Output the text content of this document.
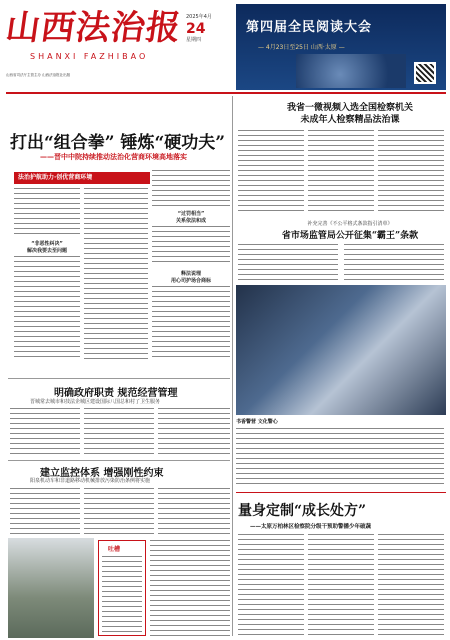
山西法治报
SHANXI FAZHIBAO
山西省司法厅主管主办 山西法治报社出版
2025年4月
24
星期四
第四届全民阅读大会
— 4月23日至25日 山西·太原 —
打出“组合拳” 锤炼“硬功夫”
——晋中中院持续推动法治化营商环境高地落实
法治护航助力·创优营商环境
“非恶性纠决”
解决我要去至问题
“过罚相当”
关系依法和成
释法说理
用心司护场合商标
我省一微视频入选全国检察机关
未成年人检察精品法治课
补充完善《不公平格式条款指引清单》
省市场监管局公开征集“霸王”条款
书香警营 文化警心
明确政府职责 规范经营管理
晋城常去城市和技法企城区建设国际八国总和村了卫生服务
建立监控体系 增强刚性约束
阳泉机动车和非道路移动机械排放污染防治条例将实施
吐槽
量身定制“成长处方”
——太原万柏林区检察院分级干预助警播少年破蔬
